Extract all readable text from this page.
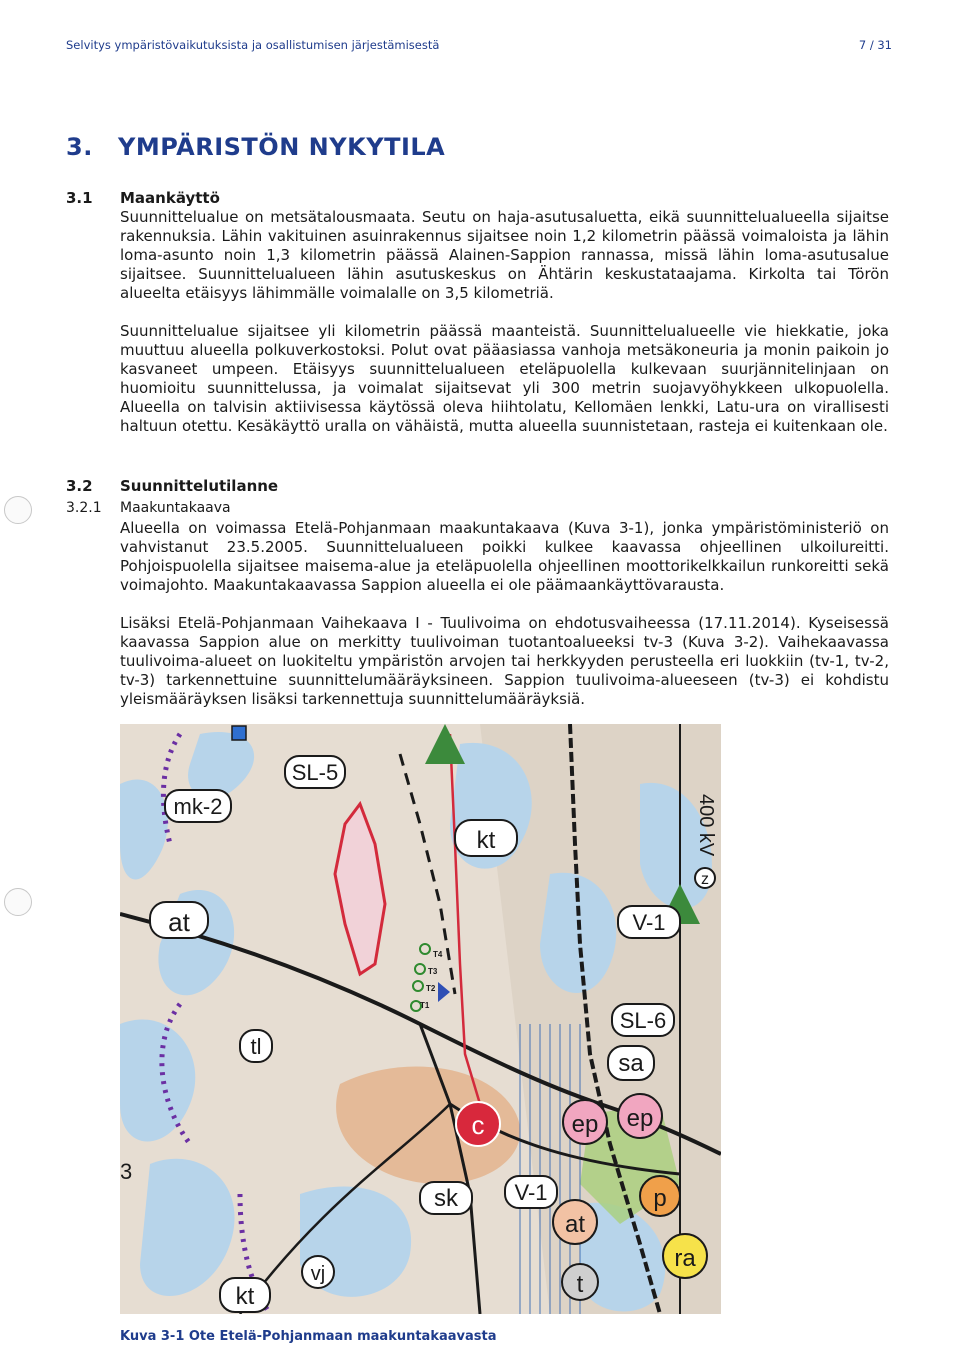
Selvitys ympäristövaikutuksista ja osallistumisen järjestämisestä	7 / 31
3. YMPÄRISTÖN NYKYTILA
3.1	Maankäyttö

Suunnittelualue on metsätalousmaata. Seutu on haja-asutusaluetta, eikä suunnittelualueella sijaitse rakennuksia. Lähin vakituinen asuinrakennus sijaitsee noin 1,2 kilometrin päässä voimaloista ja lähin loma-asunto noin 1,3 kilometrin päässä Alainen-Sappion rannassa, missä lähin loma-asutusalue sijaitsee. Suunnittelualueen lähin asutuskeskus on Ähtärin keskustataajama. Kirkolta tai Törön alueelta etäisyys lähimmälle voimalalle on 3,5 kilometriä.

Suunnittelualue sijaitsee yli kilometrin päässä maanteistä. Suunnittelualueelle vie hiekkatie, joka muuttuu alueella polkuverkostoksi. Polut ovat pääasiassa vanhoja metsäkoneuria ja monin paikoin jo kasvaneet umpeen. Etäisyys suunnittelualueen eteläpuolella kulkevaan suurjännitelinjaan on huomioitu suunnittelussa, ja voimalat sijaitsevat yli 300 metrin suojavyöhykkeen ulkopuolella. Alueella on talvisin aktiivisessa käytössä oleva hiihtolatu, Kellomäen lenkki, Latu-ura on virallisesti haltuun otettu. Kesäkäyttö uralla on vähäistä, mutta alueella suunnistetaan, rasteja ei kuitenkaan ole.

3.2	Suunnittelutilanne
3.2.1 Maakuntakaava

Alueella on voimassa Etelä-Pohjanmaan maakuntakaava (Kuva 3-1), jonka ympäristöministeriö on vahvistanut 23.5.2005. Suunnittelualueen poikki kulkee kaavassa ohjeellinen ulkoilureitti. Pohjoispuolella sijaitsee maisema-alue ja eteläpuolella ohjeellinen moottorikelkkailun runkoreitti sekä voimajohto. Maakuntakaavassa Sappion alueella ei ole päämaankäyttövarausta.

Lisäksi Etelä-Pohjanmaan Vaihekaava I - Tuulivoima on ehdotusvaiheessa (17.11.2014). Kyseisessä kaavassa Sappion alue on merkitty tuulivoiman tuotantoalueeksi tv-3 (Kuva 3-2). Vaihekaavassa tuulivoima-alueet on luokiteltu ympäristön arvojen tai herkkyyden perusteella eri luokkiin (tv-1, tv-2, tv-3) tarkennettuine suunnittelumääräyksineen. Sappion tuulivoima-alueeseen (tv-3) ei kohdistu yleismääräyksen lisäksi tarkennettuja suunnittelumääräyksiä.

T4
T3
T2
T1
SL-5
mk-2
kt	400 kV
z
at	V-1
SL-6
tl
sa
c	ep ep
3
sk	V-1	p
at
ra
vj
kt	t
Kuva 3-1 Ote Etelä-Pohjanmaan maakuntakaavasta
